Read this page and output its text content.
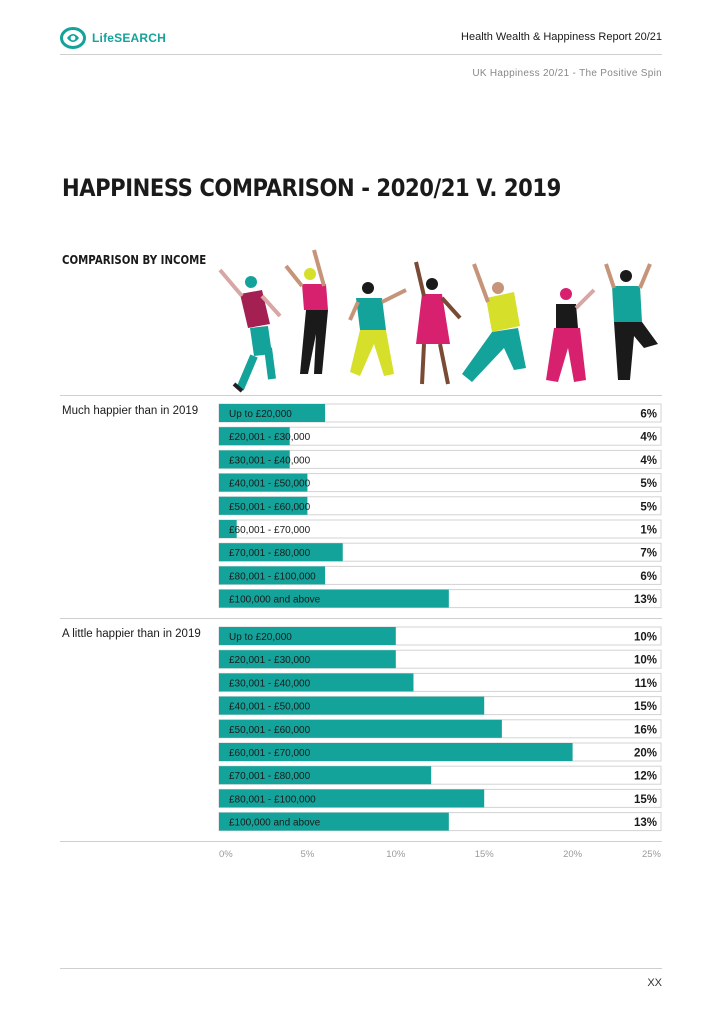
LifeSEARCH	Health Wealth & Happiness Report 20/21
UK Happiness 20/21 - The Positive Spin
HAPPINESS COMPARISON - 2020/21 V. 2019
COMPARISON BY INCOME
Much happier than in 2019
A little happier than in 2019
Up to £20,000	6%
£20,001 - £30,000	4%
£30,001 - £40,000	4%
£40,001 - £50,000	5%
£50,001 - £60,000	5%
£60,001 - £70,000	1%
£70,001 - £80,000	7%
£80,001 - £100,000	6%
£100,000 and above	13%
Up to £20,000	10%
£20,001 - £30,000	10%
£30,001 - £40,000	11%
£40,001 - £50,000	15%
£50,001 - £60,000	16%
£60,001 - £70,000	20%
£70,001 - £80,000	12%
£80,001 - £100,000	15%
£100,000 and above	13%
0%	5%	10%	15%	20%	25%
XX
